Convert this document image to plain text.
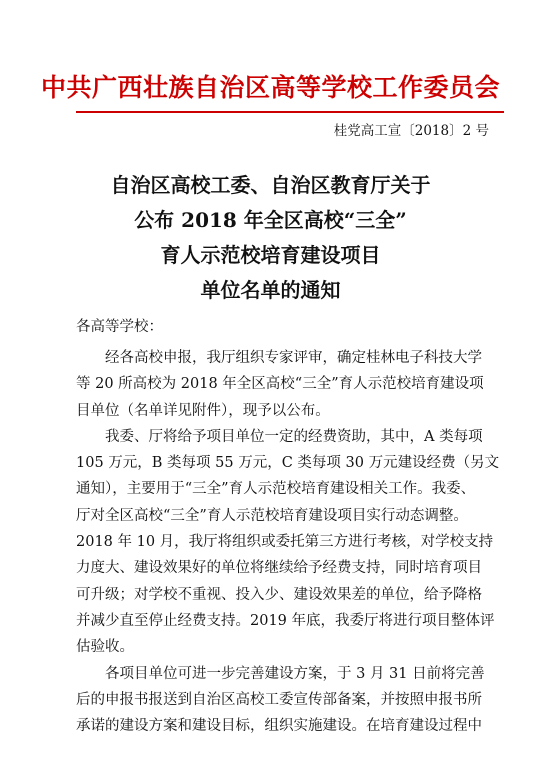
中共广西壮族自治区高等学校工作委员会
桂党高工宣〔2018〕2 号
自治区高校工委、自治区教育厅关于
公布 2018 年全区高校“三全”
育人示范校培育建设项目
单位名单的通知
各高等学校：
经各高校申报，我厅组织专家评审，确定桂林电子科技大学
等 20 所高校为 2018 年全区高校“三全”育人示范校培育建设项
目单位（名单详见附件），现予以公布。
我委、厅将给予项目单位一定的经费资助，其中，A 类每项
105 万元，B 类每项 55 万元，C 类每项 30 万元建设经费（另文
通知），主要用于“三全”育人示范校培育建设相关工作。我委、
厅对全区高校“三全”育人示范校培育建设项目实行动态调整。
2018 年 10 月，我厅将组织或委托第三方进行考核，对学校支持
力度大、建设效果好的单位将继续给予经费支持，同时培育项目
可升级；对学校不重视、投入少、建设效果差的单位，给予降格
并减少直至停止经费支持。2019 年底，我委厅将进行项目整体评
估验收。
各项目单位可进一步完善建设方案，于 3 月 31 日前将完善
后的申报书报送到自治区高校工委宣传部备案，并按照申报书所
承诺的建设方案和建设目标，组织实施建设。在培育建设过程中
